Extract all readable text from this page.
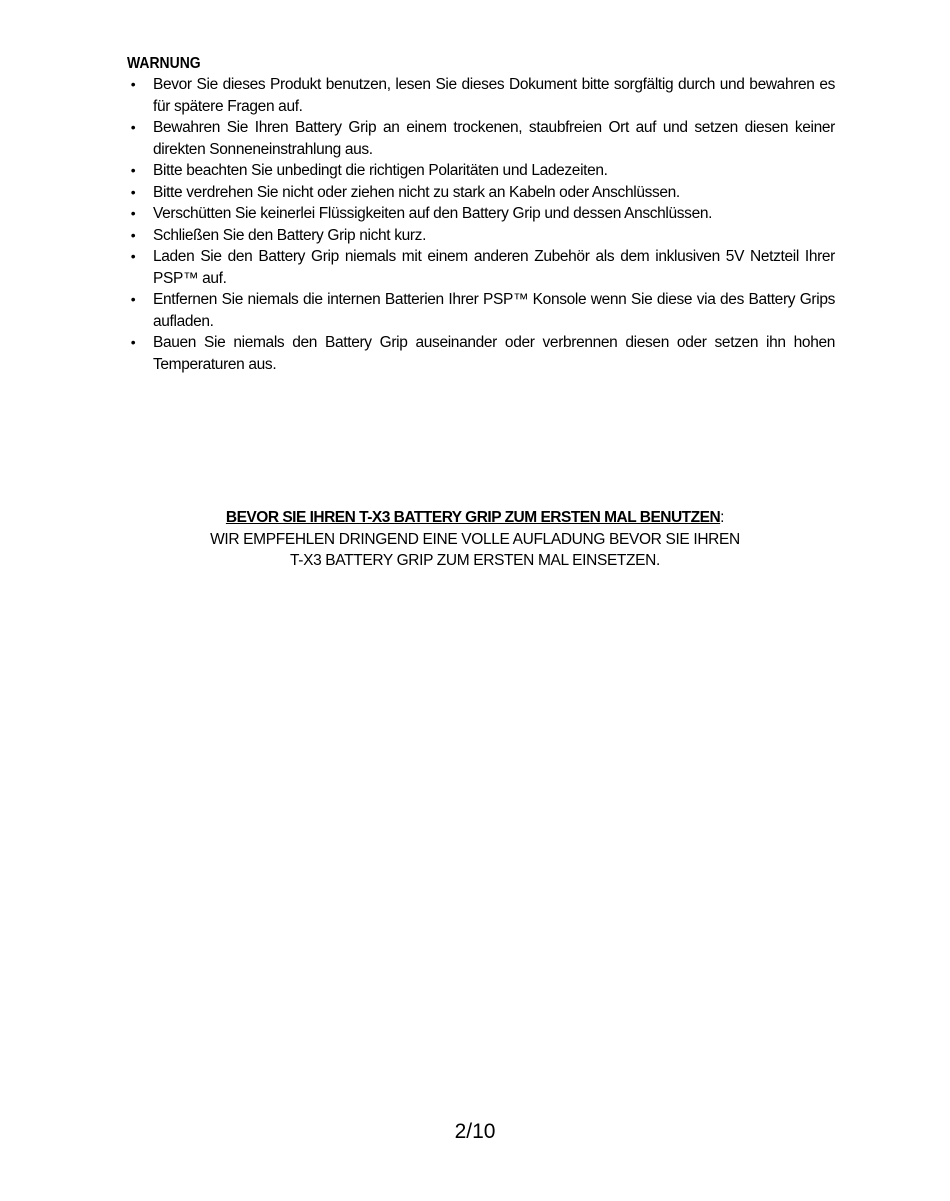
WARNUNG

• Bevor Sie dieses Produkt benutzen, lesen Sie dieses Dokument bitte sorgfältig durch und bewahren es für spätere Fragen auf.
• Bewahren Sie Ihren Battery Grip an einem trockenen, staubfreien Ort auf und setzen diesen keiner direkten Sonneneinstrahlung aus.
• Bitte beachten Sie unbedingt die richtigen Polaritäten und Ladezeiten.
• Bitte verdrehen Sie nicht oder ziehen nicht zu stark an Kabeln oder Anschlüssen.
• Verschütten Sie keinerlei Flüssigkeiten auf den Battery Grip und dessen Anschlüssen.
• Schließen Sie den Battery Grip nicht kurz.
• Laden Sie den Battery Grip niemals mit einem anderen Zubehör als dem inklusiven 5V Netzteil Ihrer PSP™ auf.
• Entfernen Sie niemals die internen Batterien Ihrer PSP™ Konsole wenn Sie diese via des Battery Grips aufladen.
• Bauen Sie niemals den Battery Grip auseinander oder verbrennen diesen oder setzen ihn hohen Temperaturen aus.
BEVOR SIE IHREN T-X3 BATTERY GRIP ZUM ERSTEN MAL BENUTZEN:
WIR EMPFEHLEN DRINGEND EINE VOLLE AUFLADUNG BEVOR SIE IHREN
T-X3 BATTERY GRIP ZUM ERSTEN MAL EINSETZEN.
2/10
